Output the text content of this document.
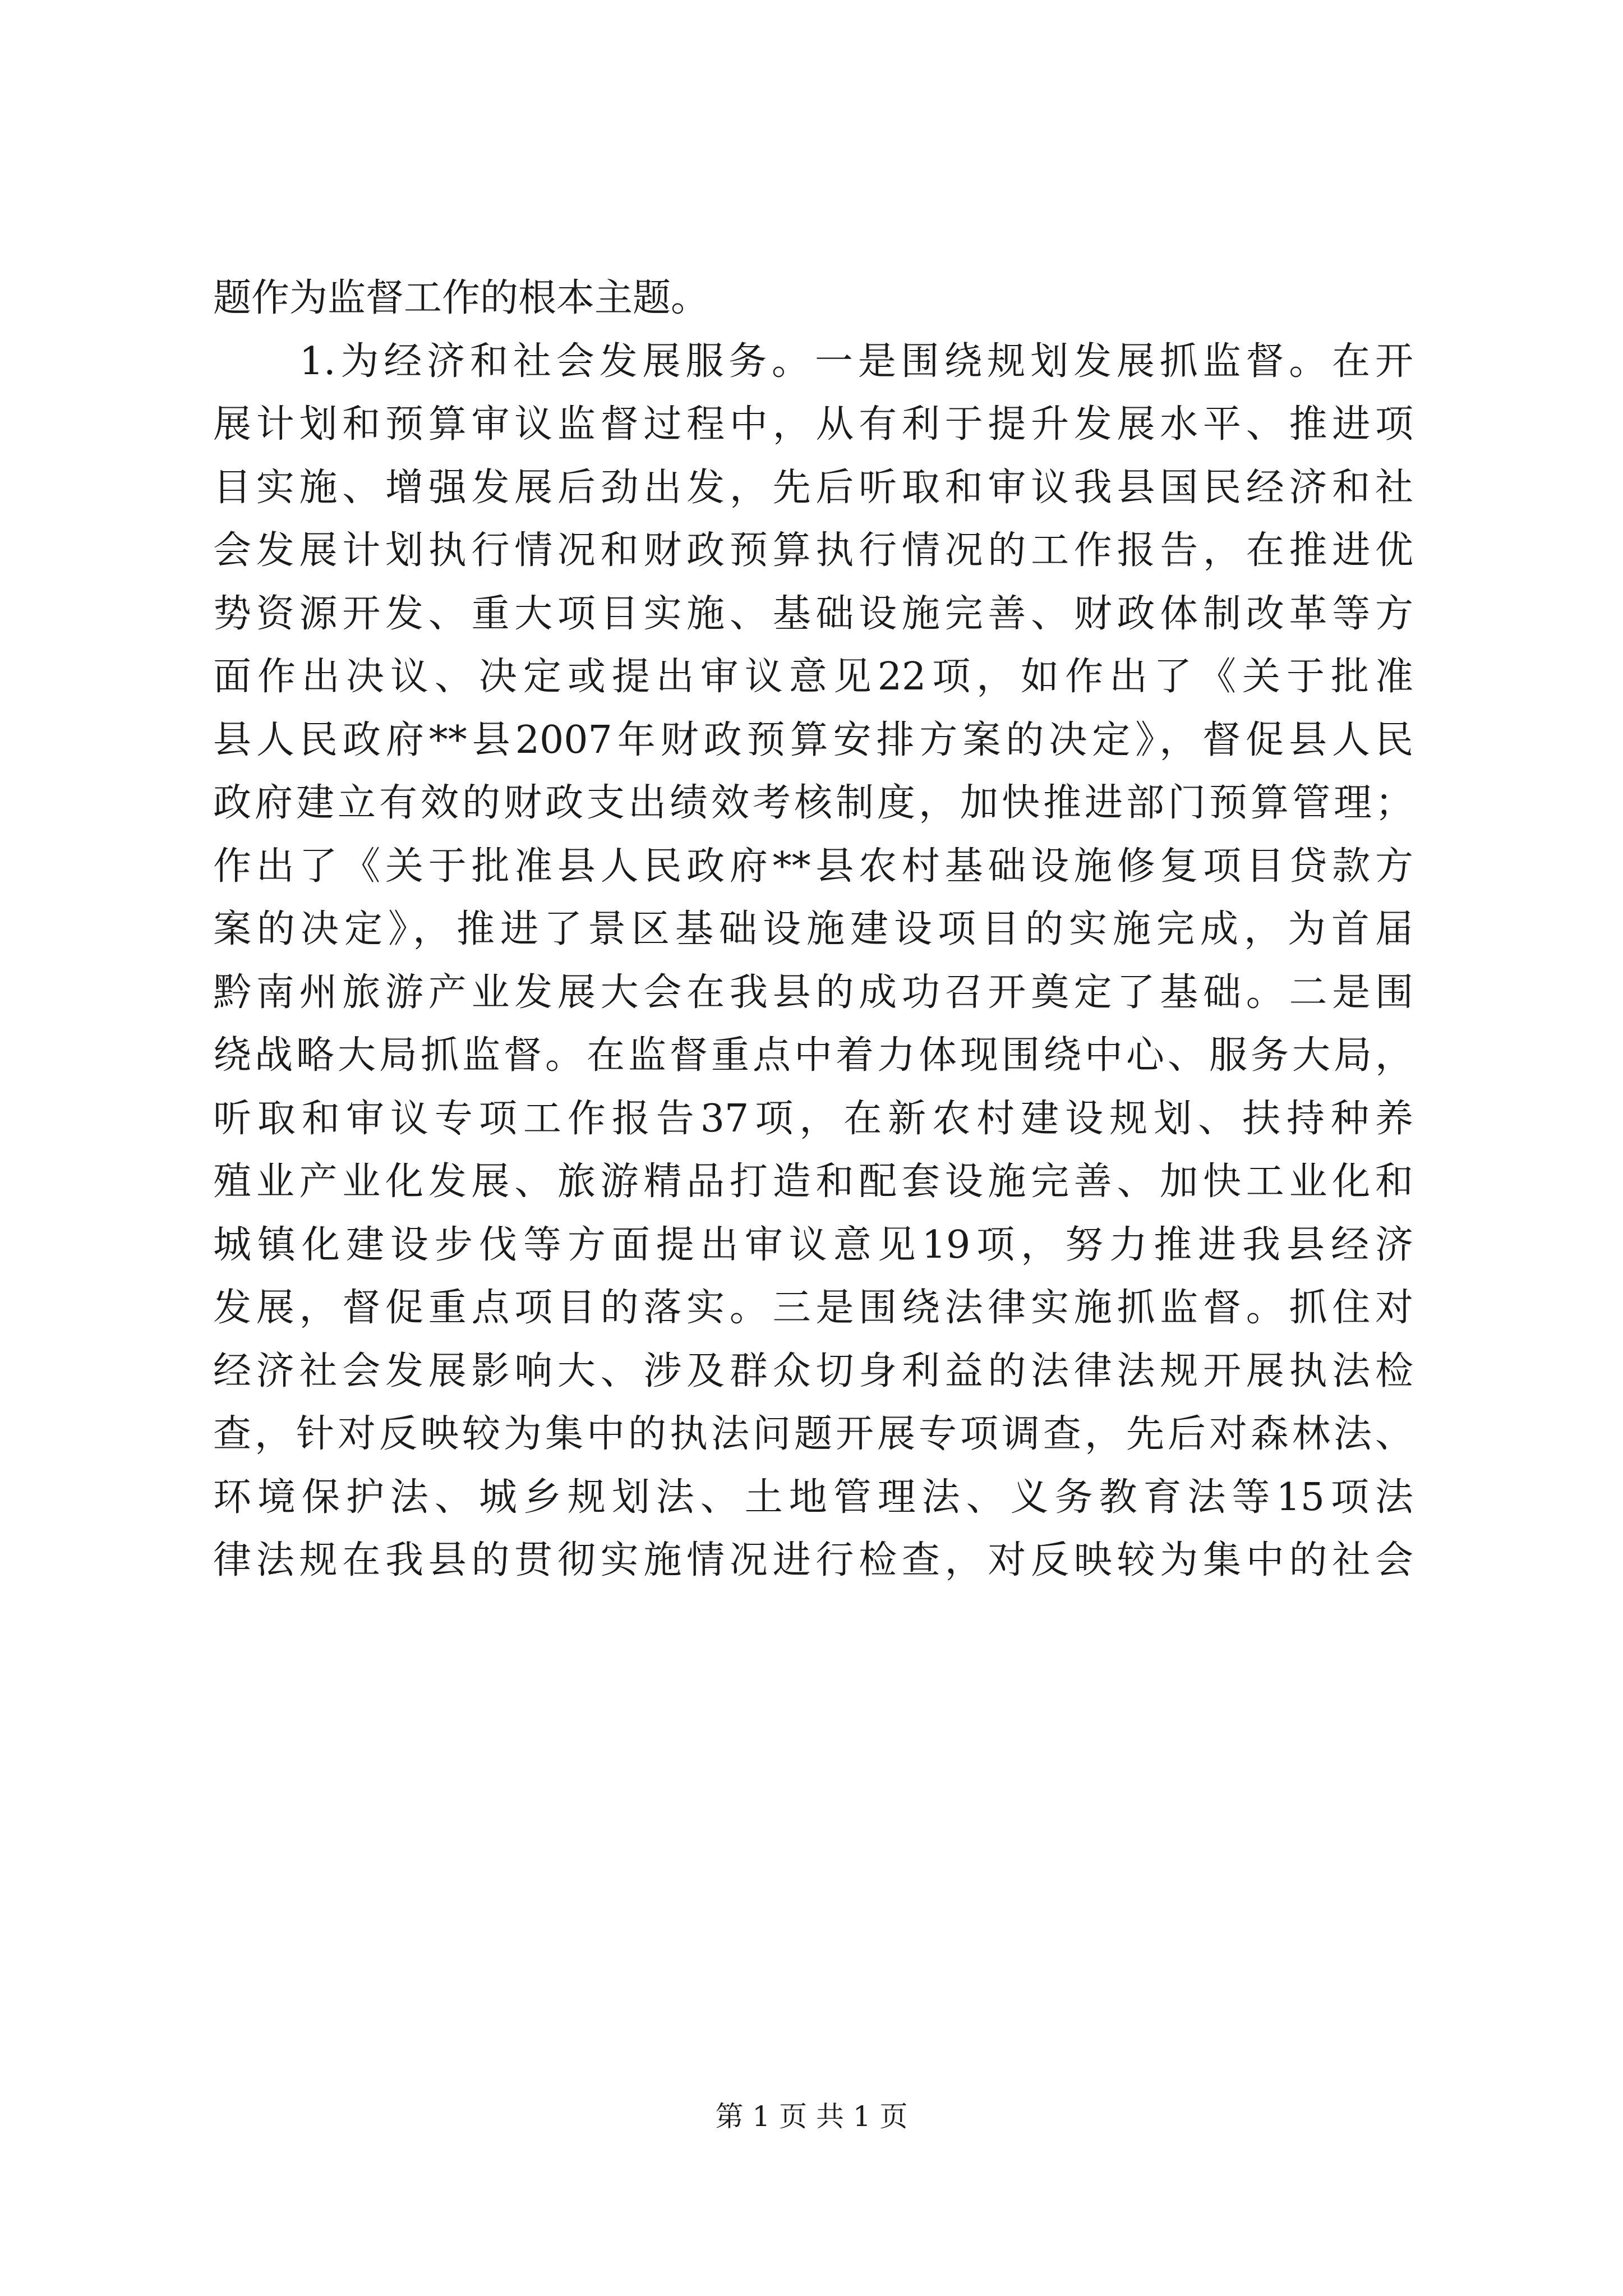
题作为监督工作的根本主题。
　　1.为经济和社会发展服务。一是围绕规划发展抓监督。在开
展计划和预算审议监督过程中，从有利于提升发展水平、推进项
目实施、增强发展后劲出发，先后听取和审议我县国民经济和社
会发展计划执行情况和财政预算执行情况的工作报告，在推进优
势资源开发、重大项目实施、基础设施完善、财政体制改革等方
面作出决议、决定或提出审议意见22项，如作出了《关于批准
县人民政府**县2007年财政预算安排方案的决定》，督促县人民
政府建立有效的财政支出绩效考核制度，加快推进部门预算管理；
作出了《关于批准县人民政府**县农村基础设施修复项目贷款方
案的决定》，推进了景区基础设施建设项目的实施完成，为首届
黔南州旅游产业发展大会在我县的成功召开奠定了基础。二是围
绕战略大局抓监督。在监督重点中着力体现围绕中心、服务大局，
听取和审议专项工作报告37项，在新农村建设规划、扶持种养
殖业产业化发展、旅游精品打造和配套设施完善、加快工业化和
城镇化建设步伐等方面提出审议意见19项，努力推进我县经济
发展，督促重点项目的落实。三是围绕法律实施抓监督。抓住对
经济社会发展影响大、涉及群众切身利益的法律法规开展执法检
查，针对反映较为集中的执法问题开展专项调查，先后对森林法、
环境保护法、城乡规划法、土地管理法、义务教育法等15项法
律法规在我县的贯彻实施情况进行检查，对反映较为集中的社会
第 1 页 共 1 页
